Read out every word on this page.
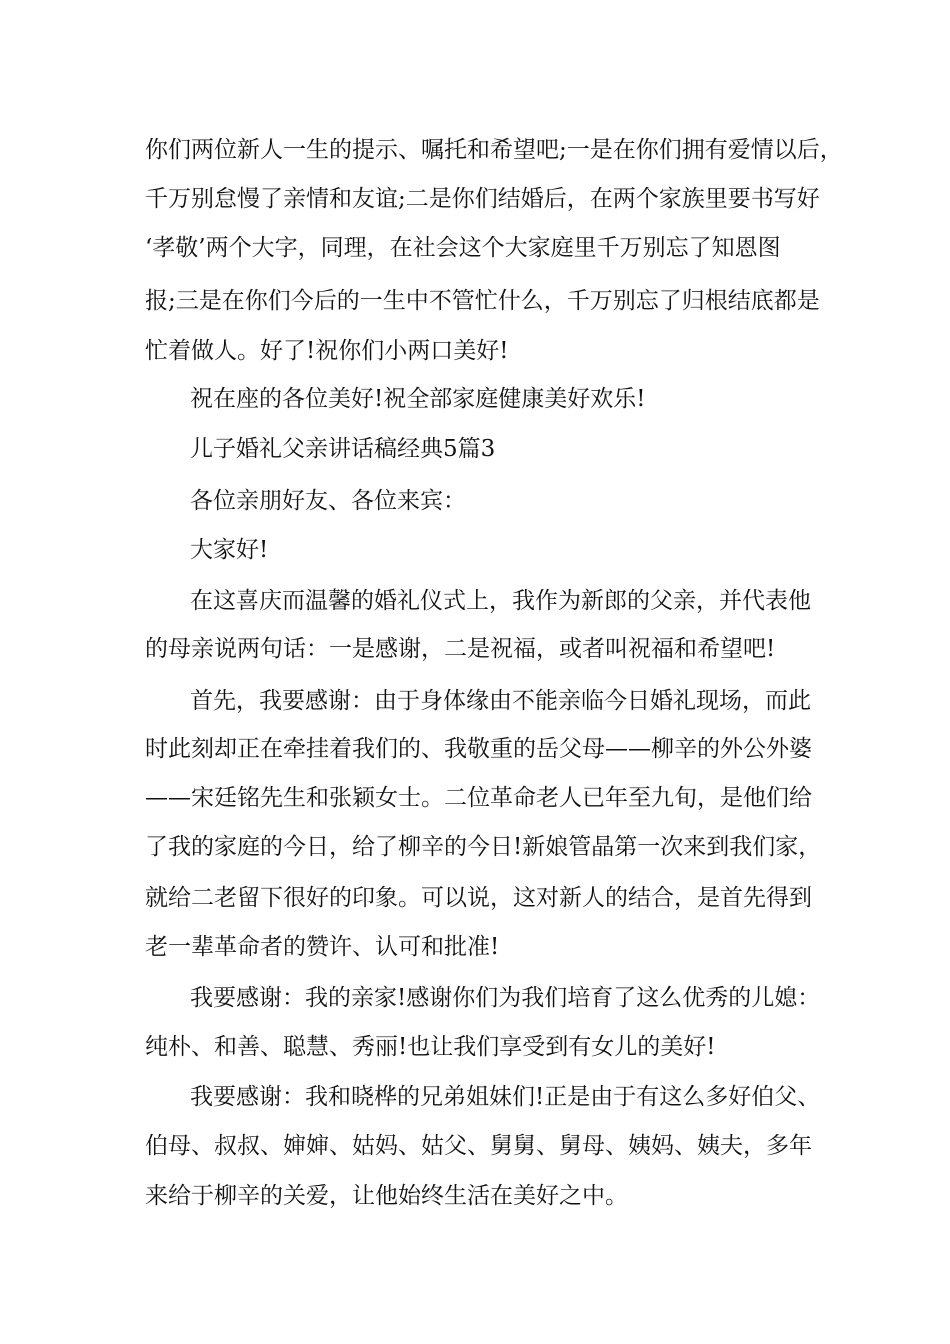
你们两位新人一生的提示、嘱托和希望吧;一是在你们拥有爱情以后，
千万别怠慢了亲情和友谊;二是你们结婚后，在两个家族里要书写好
‘孝敬’两个大字，同理，在社会这个大家庭里千万别忘了知恩图
报;三是在你们今后的一生中不管忙什么，千万别忘了归根结底都是
忙着做人。好了!祝你们小两口美好!
祝在座的各位美好!祝全部家庭健康美好欢乐!
儿子婚礼父亲讲话稿经典5篇3
各位亲朋好友、各位来宾：
大家好!
在这喜庆而温馨的婚礼仪式上，我作为新郎的父亲，并代表他
的母亲说两句话：一是感谢，二是祝福，或者叫祝福和希望吧!
首先，我要感谢：由于身体缘由不能亲临今日婚礼现场，而此
时此刻却正在牵挂着我们的、我敬重的岳父母——柳辛的外公外婆
——宋廷铭先生和张颖女士。二位革命老人已年至九旬，是他们给
了我的家庭的今日，给了柳辛的今日!新娘管晶第一次来到我们家，
就给二老留下很好的印象。可以说，这对新人的结合，是首先得到
老一辈革命者的赞许、认可和批准!
我要感谢：我的亲家!感谢你们为我们培育了这么优秀的儿媳：
纯朴、和善、聪慧、秀丽!也让我们享受到有女儿的美好!
我要感谢：我和晓桦的兄弟姐妹们!正是由于有这么多好伯父、
伯母、叔叔、婶婶、姑妈、姑父、舅舅、舅母、姨妈、姨夫，多年
来给于柳辛的关爱，让他始终生活在美好之中。
